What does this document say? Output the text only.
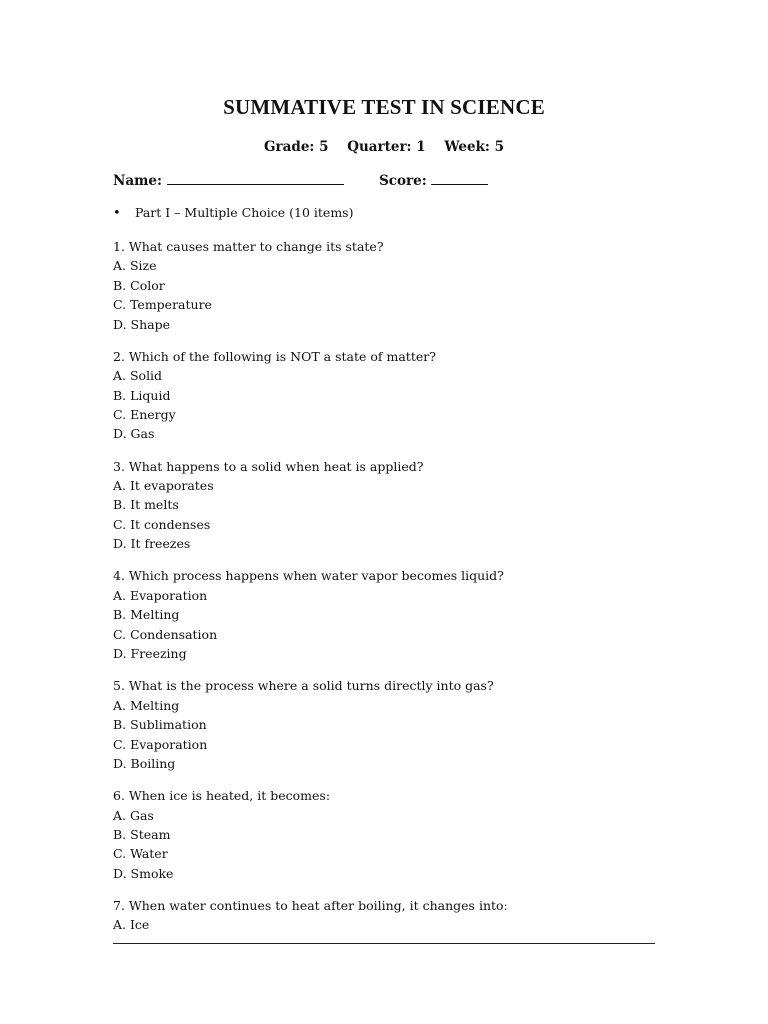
SUMMATIVE TEST IN SCIENCE
Grade: 5 Quarter: 1 Week: 5
Name:	Score:
• Part I – Multiple Choice (10 items)
1. What causes matter to change its state?
A. Size
B. Color
C. Temperature
D. Shape
2. Which of the following is NOT a state of matter?
A. Solid
B. Liquid
C. Energy
D. Gas
3. What happens to a solid when heat is applied?
A. It evaporates
B. It melts
C. It condenses
D. It freezes
4. Which process happens when water vapor becomes liquid?
A. Evaporation
B. Melting
C. Condensation
D. Freezing
5. What is the process where a solid turns directly into gas?
A. Melting
B. Sublimation
C. Evaporation
D. Boiling
6. When ice is heated, it becomes:
A. Gas
B. Steam
C. Water
D. Smoke
7. When water continues to heat after boiling, it changes into:
A. Ice
